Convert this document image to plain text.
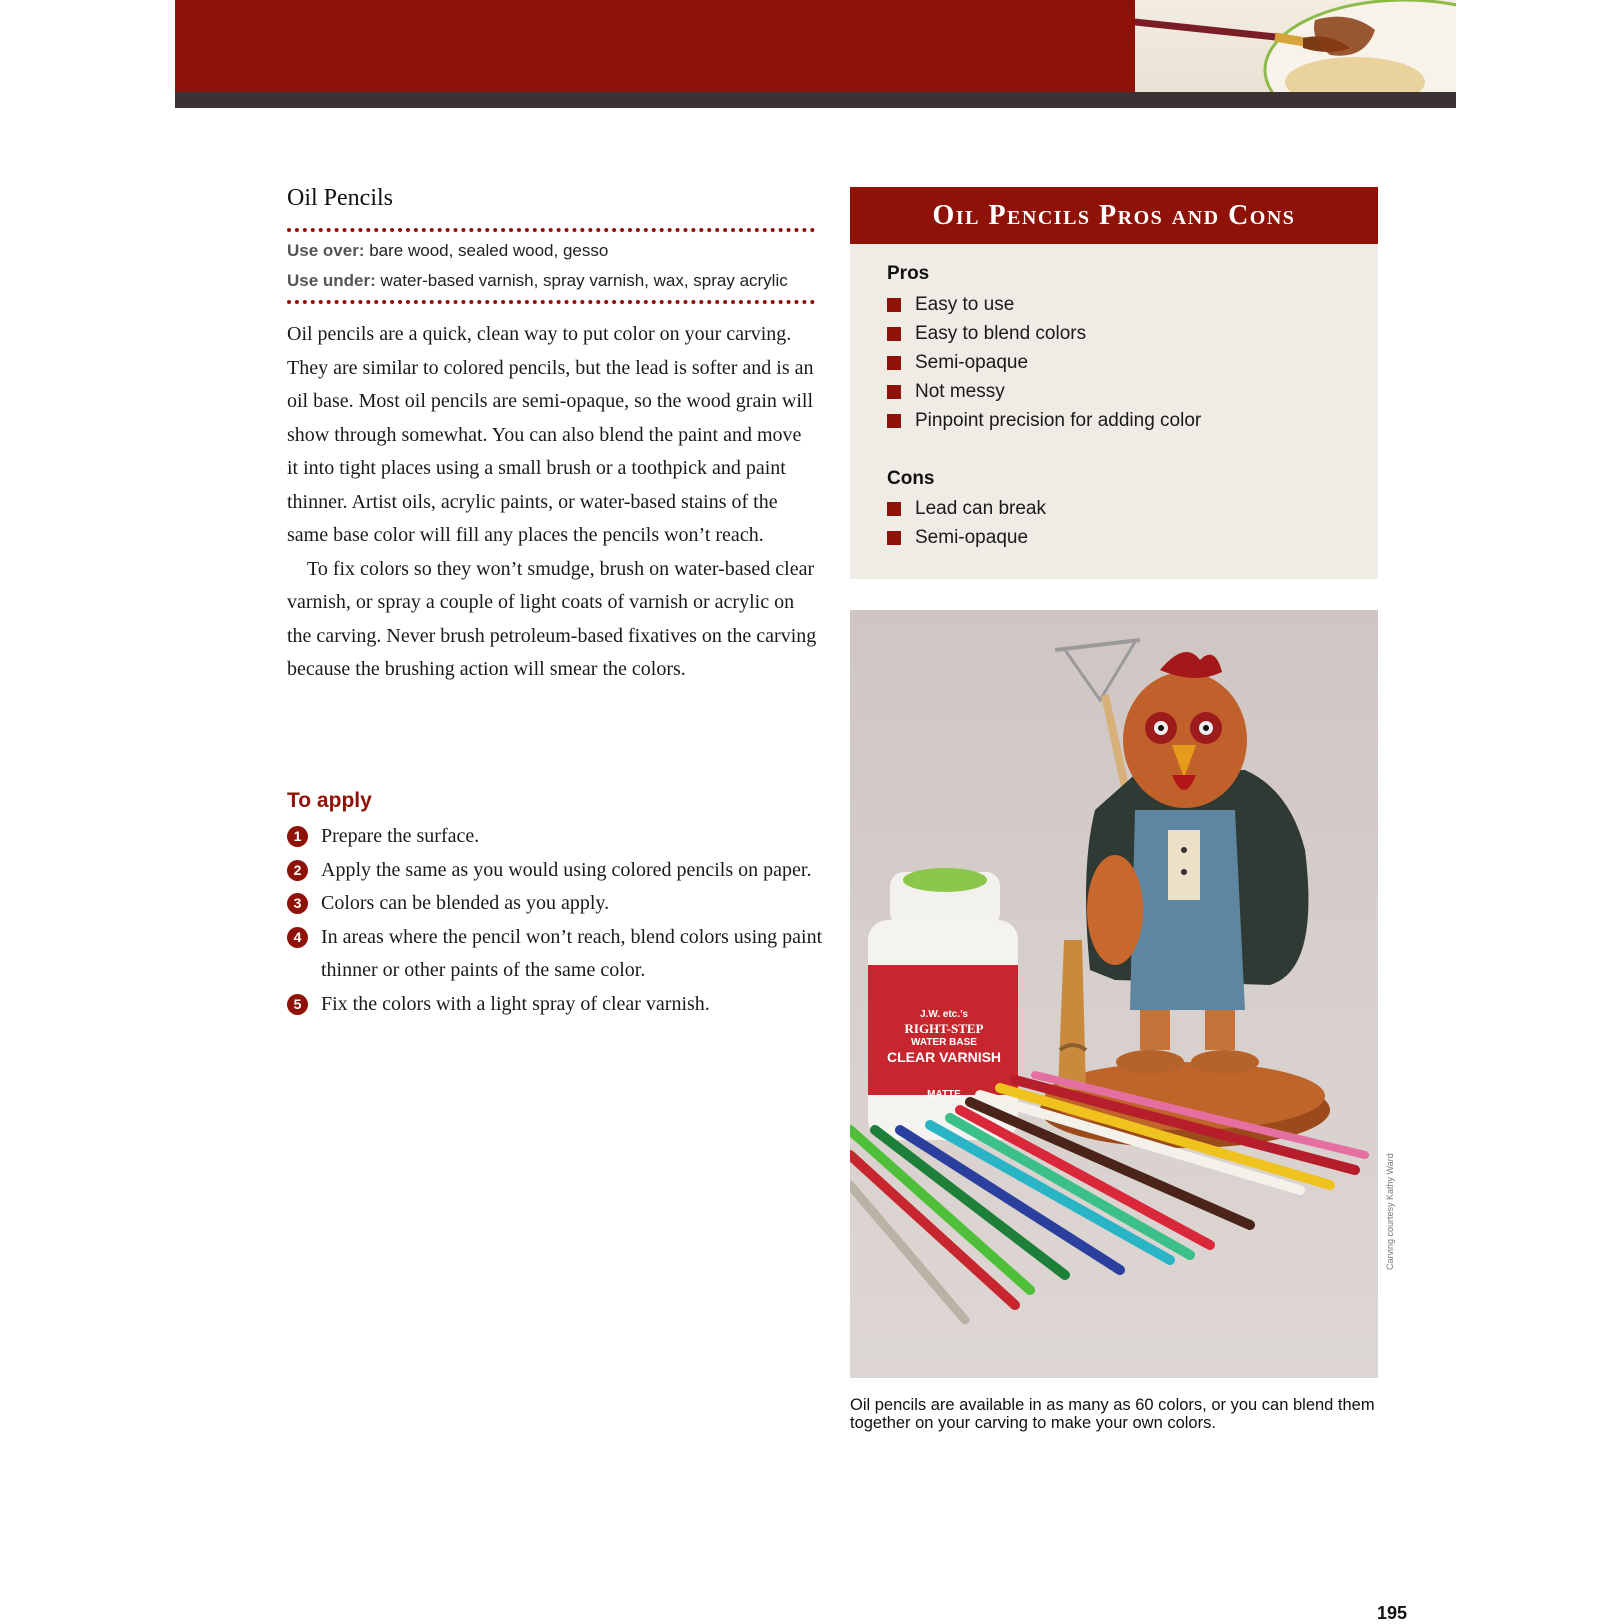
Oil Pencils
Use over: bare wood, sealed wood, gesso
Use under: water-based varnish, spray varnish, wax, spray acrylic

Oil pencils are a quick, clean way to put color on your carving. They are similar to colored pencils, but the lead is softer and is an oil base. Most oil pencils are semi-opaque, so the wood grain will show through somewhat. You can also blend the paint and move it into tight places using a small brush or a toothpick and paint thinner. Artist oils, acrylic paints, or water-based stains of the same base color will fill any places the pencils won’t reach.

To fix colors so they won’t smudge, brush on water-based clear varnish, or spray a couple of light coats of varnish or acrylic on the carving. Never brush petroleum-based fixatives on the carving because the brushing action will smear the colors.

To apply
1 Prepare the surface.
2 Apply the same as you would using colored pencils on paper.
3 Colors can be blended as you apply.
4 In areas where the pencil won’t reach, blend colors using paint thinner or other paints of the same color.
5 Fix the colors with a light spray of clear varnish.
Oil Pencils Pros and Cons
Pros
Easy to use
Easy to blend colors
Semi-opaque
Not messy
Pinpoint precision for adding color
Cons
Lead can break
Semi-opaque
J.W. etc.’s
RIGHT-STEP
WATER BASE
CLEAR VARNISH
MATTE
Carving courtesy Kathy Ward

Oil pencils are available in as many as 60 colors, or you can blend them together on your carving to make your own colors.

195
